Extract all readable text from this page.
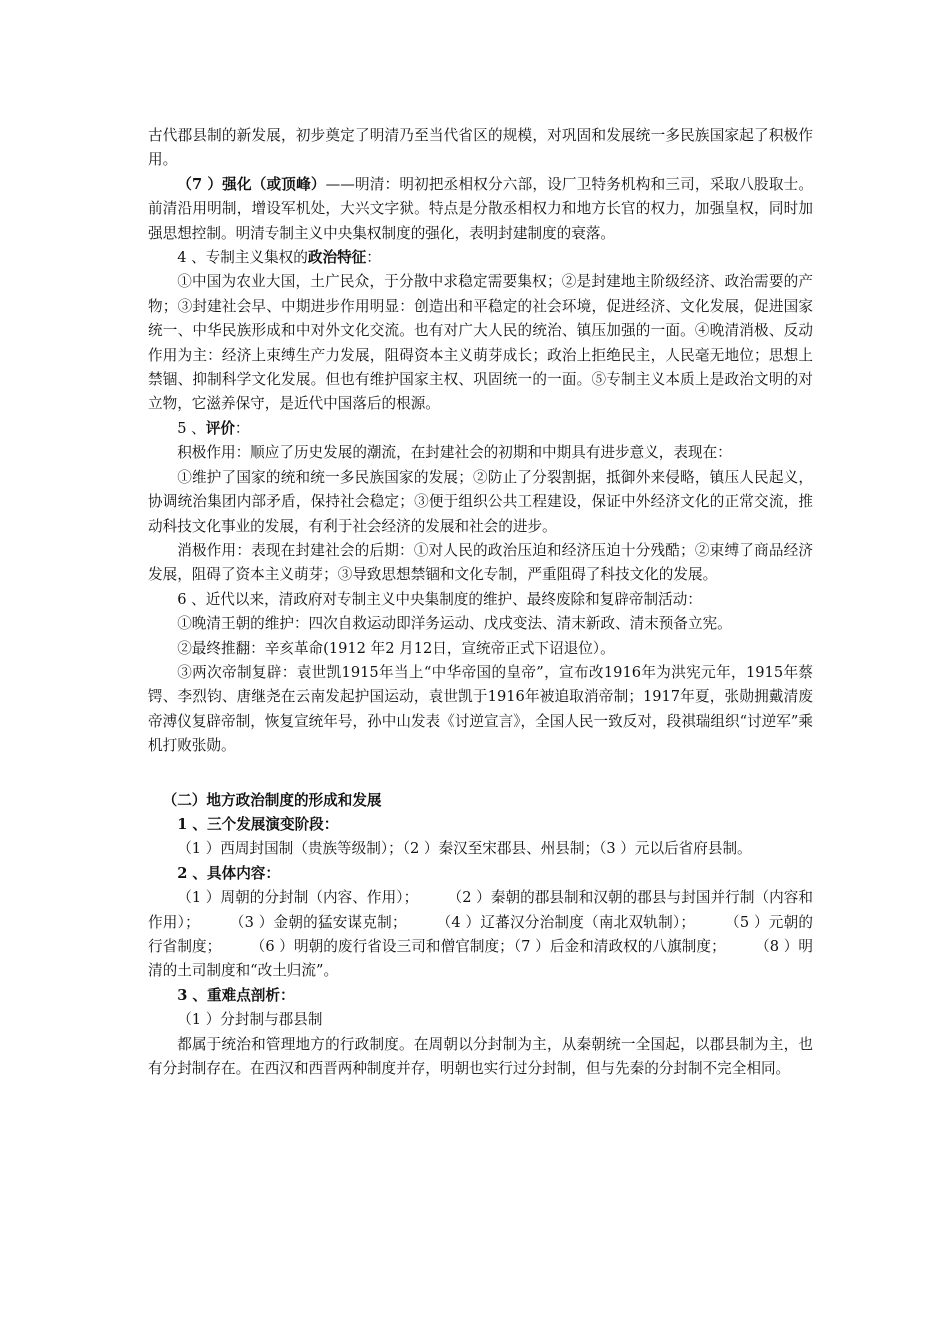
古代郡县制的新发展，初步奠定了明清乃至当代省区的规模，对巩固和发展统一多民族国家起了积极作用。

（7 ）强化（或顶峰）——明清：明初把丞相权分六部，设厂卫特务机构和三司，采取八股取士。前清沿用明制，增设军机处，大兴文字狱。特点是分散丞相权力和地方长官的权力，加强皇权，同时加强思想控制。明清专制主义中央集权制度的强化，表明封建制度的衰落。

4 、专制主义集权的政治特征：

①中国为农业大国，土广民众，于分散中求稳定需要集权；②是封建地主阶级经济、政治需要的产物；③封建社会早、中期进步作用明显：创造出和平稳定的社会环境，促进经济、文化发展，促进国家统一、中华民族形成和中对外文化交流。也有对广大人民的统治、镇压加强的一面。④晚清消极、反动作用为主：经济上束缚生产力发展，阻碍资本主义萌芽成长；政治上拒绝民主，人民毫无地位；思想上禁锢、抑制科学文化发展。但也有维护国家主权、巩固统一的一面。⑤专制主义本质上是政治文明的对立物，它滋养保守，是近代中国落后的根源。

5 、评价：

积极作用：顺应了历史发展的潮流，在封建社会的初期和中期具有进步意义，表现在：

①维护了国家的统和统一多民族国家的发展；②防止了分裂割据，抵御外来侵略，镇压人民起义，协调统治集团内部矛盾，保持社会稳定；③便于组织公共工程建设，保证中外经济文化的正常交流，推动科技文化事业的发展，有利于社会经济的发展和社会的进步。

消极作用：表现在封建社会的后期：①对人民的政治压迫和经济压迫十分残酷；②束缚了商品经济发展，阻碍了资本主义萌芽；③导致思想禁锢和文化专制，严重阻碍了科技文化的发展。

6 、近代以来，清政府对专制主义中央集制度的维护、最终废除和复辟帝制活动：

①晚清王朝的维护：四次自救运动即洋务运动、戊戌变法、清末新政、清末预备立宪。

②最终推翻：辛亥革命(1912 年2 月12日，宣统帝正式下诏退位）。

③两次帝制复辟：袁世凯1915年当上“中华帝国的皇帝”，宣布改1916年为洪宪元年，1915年蔡锷、李烈钧、唐继尧在云南发起护国运动，袁世凯于1916年被追取消帝制；1917年夏，张勋拥戴清废帝溥仪复辟帝制，恢复宣统年号，孙中山发表《讨逆宣言》，全国人民一致反对，段祺瑞组织“讨逆军”乘机打败张勋。

（二）地方政治制度的形成和发展

1 、三个发展演变阶段：

（1 ）西周封国制（贵族等级制）；（2 ）秦汉至宋郡县、州县制；（3 ）元以后省府县制。

2 、具体内容：

（1 ）周朝的分封制（内容、作用）；　　　（2 ）秦朝的郡县制和汉朝的郡县与封国并行制（内容和作用）；　　　（3 ）金朝的猛安谋克制；　　　（4 ）辽蕃汉分治制度（南北双轨制）；　　　（5 ）元朝的行省制度；　　　（6 ）明朝的废行省设三司和僧官制度；（7 ）后金和清政权的八旗制度；　　　（8 ）明清的土司制度和“改土归流”。

3 、重难点剖析：

（1 ）分封制与郡县制

都属于统治和管理地方的行政制度。在周朝以分封制为主，从秦朝统一全国起，以郡县制为主，也有分封制存在。在西汉和西晋两种制度并存，明朝也实行过分封制，但与先秦的分封制不完全相同。
